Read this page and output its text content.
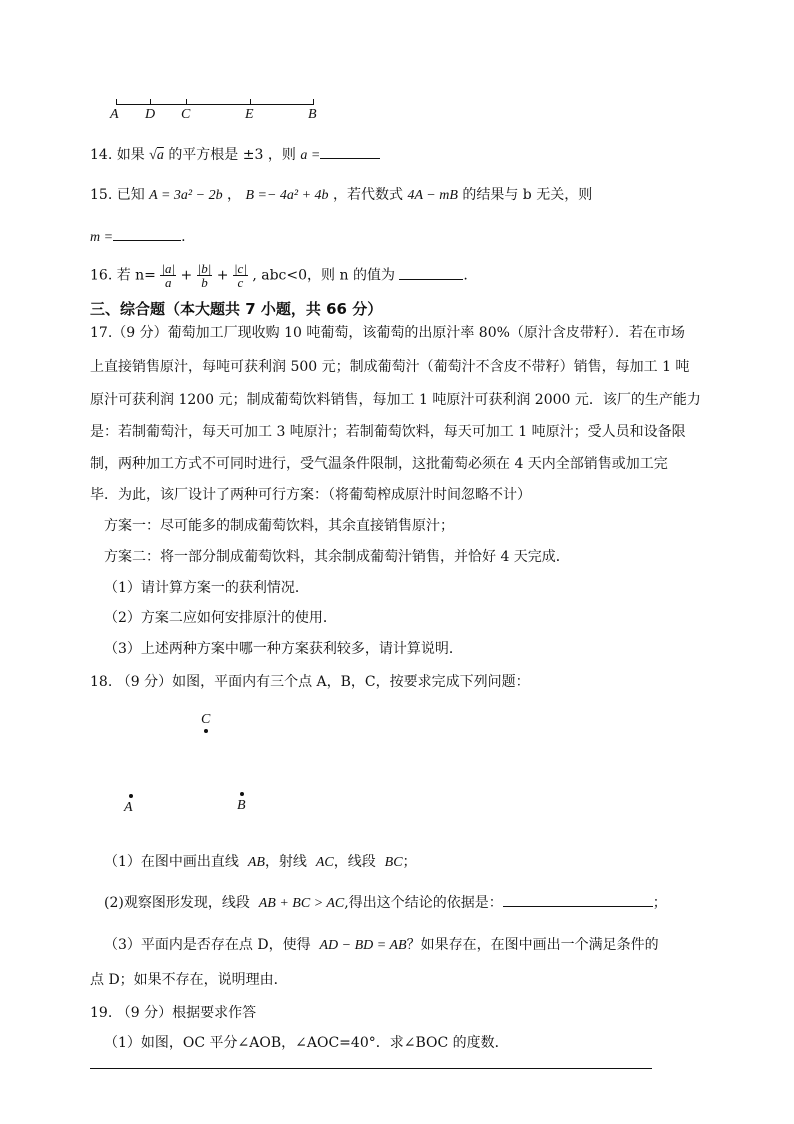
A D C	E	B
14. 如果 √a 的平方根是 ±3 ，则 a =
15. 已知 A = 3a² − 2b ， B =− 4a² + 4b ，若代数式 4A − mB 的结果与 b 无关，则
m =	.
16. 若 $n= \frac{|a|}{a} + \frac{|b|}{b} + \frac{|c|}{c}$ , abc<0，则 n 的值为	.
三、综合题（本大题共 7 小题，共 66 分）
17.（9 分）葡萄加工厂现收购 10 吨葡萄，该葡萄的出原汁率 80%（原汁含皮带籽）．若在市场
上直接销售原汁，每吨可获利润 500 元；制成葡萄汁（葡萄汁不含皮不带籽）销售，每加工 1 吨
原汁可获利润 1200 元；制成葡萄饮料销售，每加工 1 吨原汁可获利润 2000 元．该厂的生产能力
是：若制葡萄汁，每天可加工 3 吨原汁；若制葡萄饮料，每天可加工 1 吨原汁；受人员和设备限
制，两种加工方式不可同时进行，受气温条件限制，这批葡萄必须在 4 天内全部销售或加工完
毕．为此，该厂设计了两种可行方案：（将葡萄榨成原汁时间忽略不计）
方案一：尽可能多的制成葡萄饮料，其余直接销售原汁；
方案二：将一部分制成葡萄饮料，其余制成葡萄汁销售，并恰好 4 天完成．
（1）请计算方案一的获利情况．
（2）方案二应如何安排原汁的使用．
（3）上述两种方案中哪一种方案获利较多，请计算说明．
18. （9 分）如图，平面内有三个点 A，B，C，按要求完成下列问题：
C
A	B
（1）在图中画出直线 AB，射线 AC，线段 BC；
(2)观察图形发现，线段 AB + BC > AC,得出这个结论的依据是：	；
（3）平面内是否存在点 D，使得 AD − BD = AB？如果存在，在图中画出一个满足条件的
点 D；如果不存在，说明理由．
19. （9 分）根据要求作答
（1）如图，OC 平分∠AOB，∠AOC=40°．求∠BOC 的度数．
